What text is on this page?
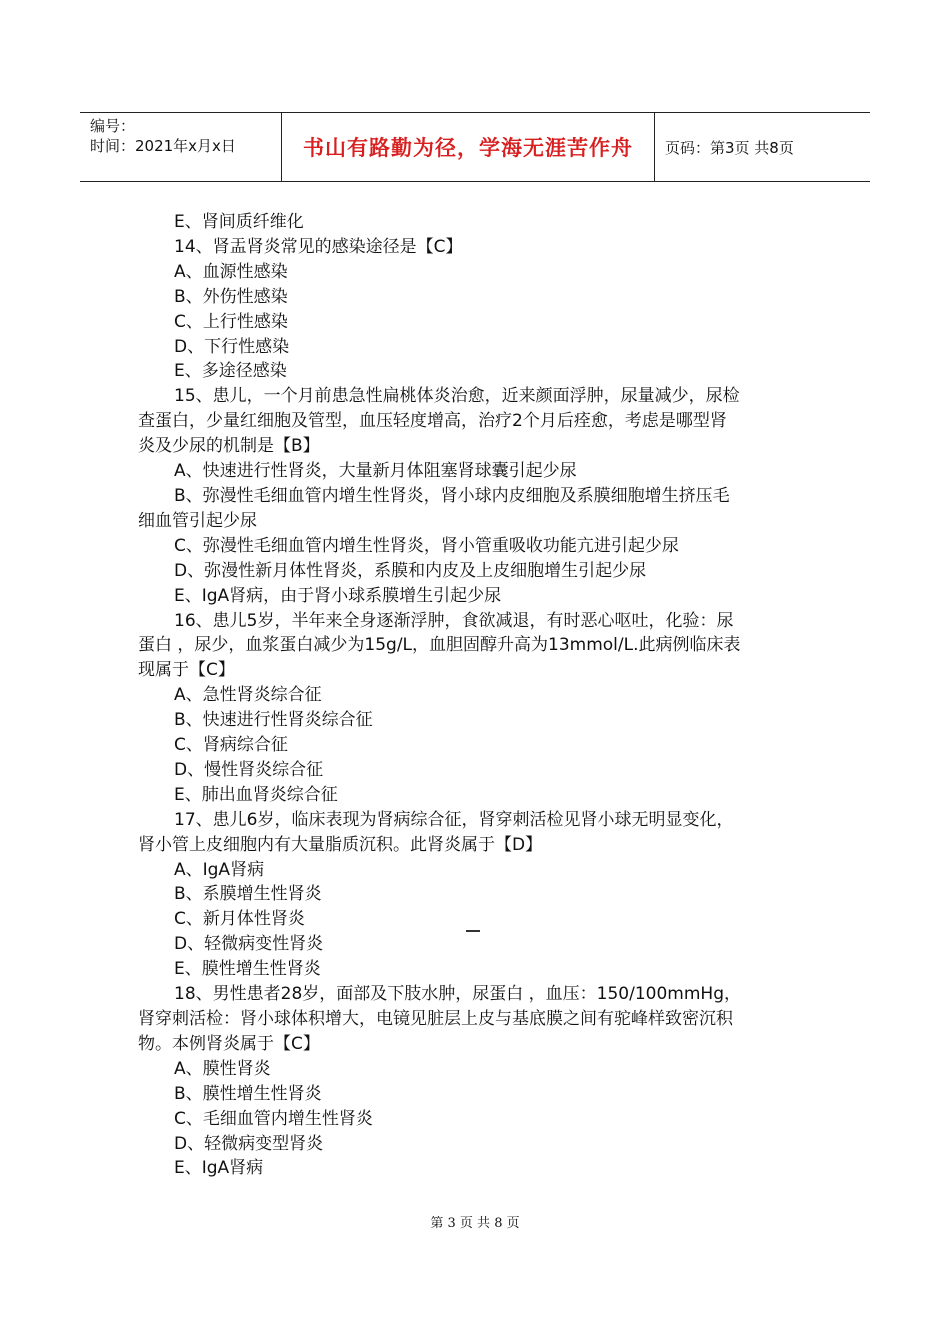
编号：
时间：2021年x月x日	书山有路勤为径，学海无涯苦作舟 页码：第3页 共8页
E、肾间质纤维化
14、肾盂肾炎常见的感染途径是【C】
A、血源性感染
B、外伤性感染
C、上行性感染
D、下行性感染
E、多途径感染
15、患儿，一个月前患急性扁桃体炎治愈，近来颜面浮肿，尿量减少，尿检
查蛋白，少量红细胞及管型，血压轻度增高，治疗2个月后痊愈，考虑是哪型肾
炎及少尿的机制是【B】
A、快速进行性肾炎，大量新月体阻塞肾球囊引起少尿
B、弥漫性毛细血管内增生性肾炎，肾小球内皮细胞及系膜细胞增生挤压毛
细血管引起少尿
C、弥漫性毛细血管内增生性肾炎，肾小管重吸收功能亢进引起少尿
D、弥漫性新月体性肾炎，系膜和内皮及上皮细胞增生引起少尿
E、IgA肾病，由于肾小球系膜增生引起少尿
16、患儿5岁，半年来全身逐渐浮肿，食欲减退，有时恶心呕吐，化验：尿
蛋白 ，尿少，血浆蛋白减少为15g/L，血胆固醇升高为13mmol/L.此病例临床表
现属于【C】
A、急性肾炎综合征
B、快速进行性肾炎综合征
C、肾病综合征
D、慢性肾炎综合征
E、肺出血肾炎综合征
17、患儿6岁，临床表现为肾病综合征，肾穿刺活检见肾小球无明显变化，
肾小管上皮细胞内有大量脂质沉积。此肾炎属于【D】
A、IgA肾病
B、系膜增生性肾炎
C、新月体性肾炎
D、轻微病变性肾炎
E、膜性增生性肾炎
18、男性患者28岁，面部及下肢水肿，尿蛋白 ，血压：150/100mmHg，
肾穿刺活检：肾小球体积增大，电镜见脏层上皮与基底膜之间有驼峰样致密沉积
物。本例肾炎属于【C】
A、膜性肾炎
B、膜性增生性肾炎
C、毛细血管内增生性肾炎
D、轻微病变型肾炎
E、IgA肾病
第 3 页 共 8 页
